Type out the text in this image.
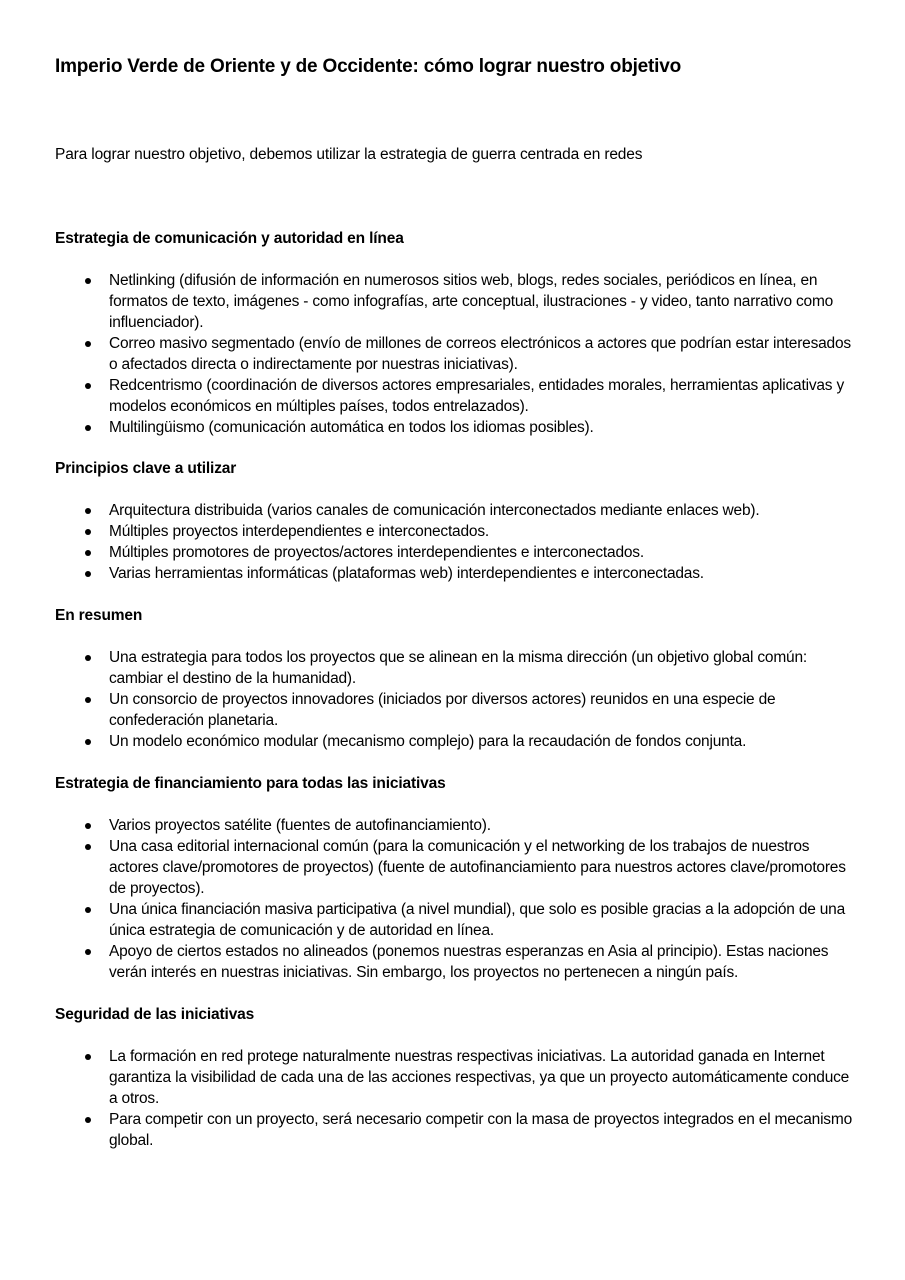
Imperio Verde de Oriente y de Occidente: cómo lograr nuestro objetivo

Para lograr nuestro objetivo, debemos utilizar la estrategia de guerra centrada en redes

Estrategia de comunicación y autoridad en línea
Netlinking (difusión de información en numerosos sitios web, blogs, redes sociales, periódicos en línea, en formatos de texto, imágenes - como infografías, arte conceptual, ilustraciones - y video, tanto narrativo como influenciador).
Correo masivo segmentado (envío de millones de correos electrónicos a actores que podrían estar interesados o afectados directa o indirectamente por nuestras iniciativas).
Redcentrismo (coordinación de diversos actores empresariales, entidades morales, herramientas aplicativas y modelos económicos en múltiples países, todos entrelazados).
Multilingüismo (comunicación automática en todos los idiomas posibles).
Principios clave a utilizar
Arquitectura distribuida (varios canales de comunicación interconectados mediante enlaces web).
Múltiples proyectos interdependientes e interconectados.
Múltiples promotores de proyectos/actores interdependientes e interconectados.
Varias herramientas informáticas (plataformas web) interdependientes e interconectadas.
En resumen
Una estrategia para todos los proyectos que se alinean en la misma dirección (un objetivo global común: cambiar el destino de la humanidad).
Un consorcio de proyectos innovadores (iniciados por diversos actores) reunidos en una especie de confederación planetaria.
Un modelo económico modular (mecanismo complejo) para la recaudación de fondos conjunta.
Estrategia de financiamiento para todas las iniciativas
Varios proyectos satélite (fuentes de autofinanciamiento).
Una casa editorial internacional común (para la comunicación y el networking de los trabajos de nuestros actores clave/promotores de proyectos) (fuente de autofinanciamiento para nuestros actores clave/promotores de proyectos).
Una única financiación masiva participativa (a nivel mundial), que solo es posible gracias a la adopción de una única estrategia de comunicación y de autoridad en línea.
Apoyo de ciertos estados no alineados (ponemos nuestras esperanzas en Asia al principio). Estas naciones verán interés en nuestras iniciativas. Sin embargo, los proyectos no pertenecen a ningún país.
Seguridad de las iniciativas
La formación en red protege naturalmente nuestras respectivas iniciativas. La autoridad ganada en Internet garantiza la visibilidad de cada una de las acciones respectivas, ya que un proyecto automáticamente conduce a otros.
Para competir con un proyecto, será necesario competir con la masa de proyectos integrados en el mecanismo global.
